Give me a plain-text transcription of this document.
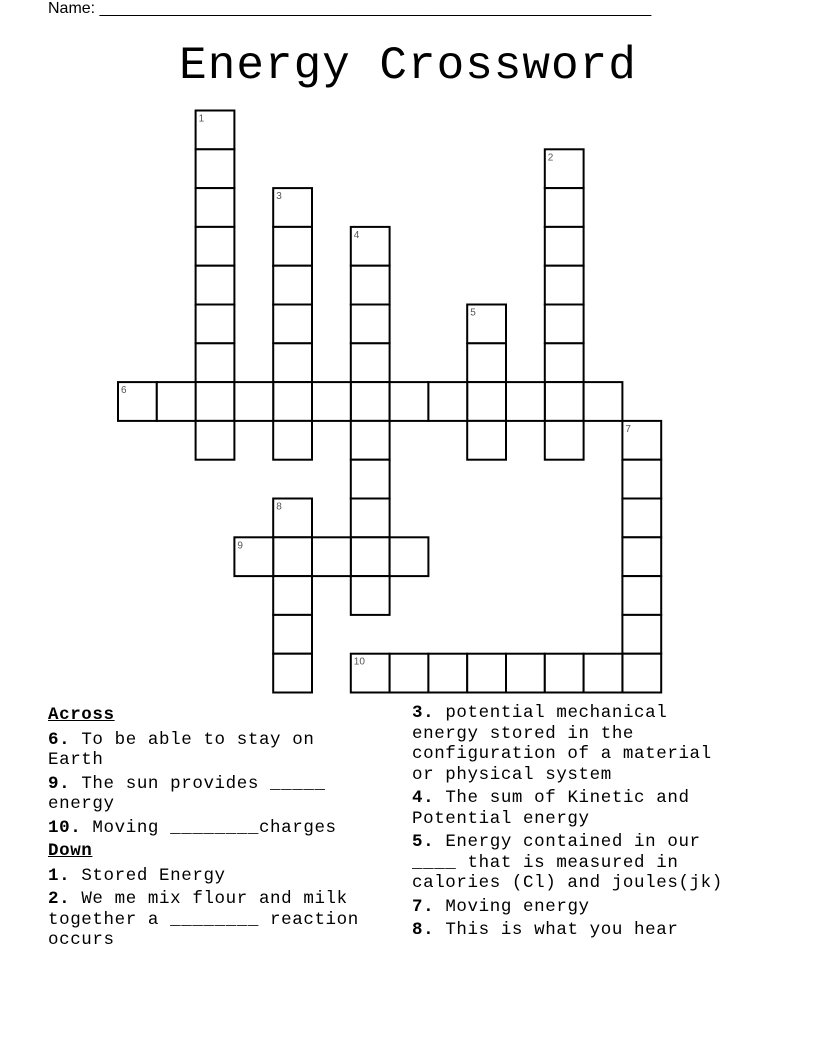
Name: ______________________________________________________________
Energy Crossword
1
2
3
4
5
6
7
8
9
10
Across
6. To be able to stay on
Earth
9. The sun provides _____
energy
10. Moving ________charges
Down
1. Stored Energy
2. We me mix flour and milk
together a ________ reaction
occurs
3. potential mechanical
energy stored in the
configuration of a material
or physical system
4. The sum of Kinetic and
Potential energy
5. Energy contained in our
____ that is measured in
calories (Cl) and joules(jk)
7. Moving energy
8. This is what you hear
